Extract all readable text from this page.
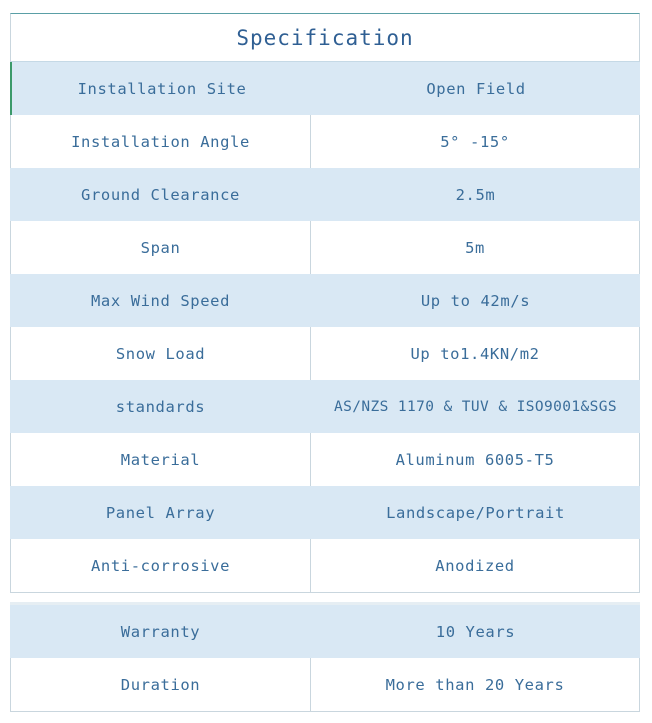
Specification
Installation Site	Open Field
Installation Angle	5° -15°
Ground Clearance	2.5m
Span	5m
Max Wind Speed	Up to 42m/s
Snow Load	Up to1.4KN/m2
standards	AS/NZS 1170 & TUV & ISO9001&SGS
Material	Aluminum 6005-T5
Panel Array	Landscape/Portrait
Anti-corrosive	Anodized
Warranty	10 Years
Duration	More than 20 Years
